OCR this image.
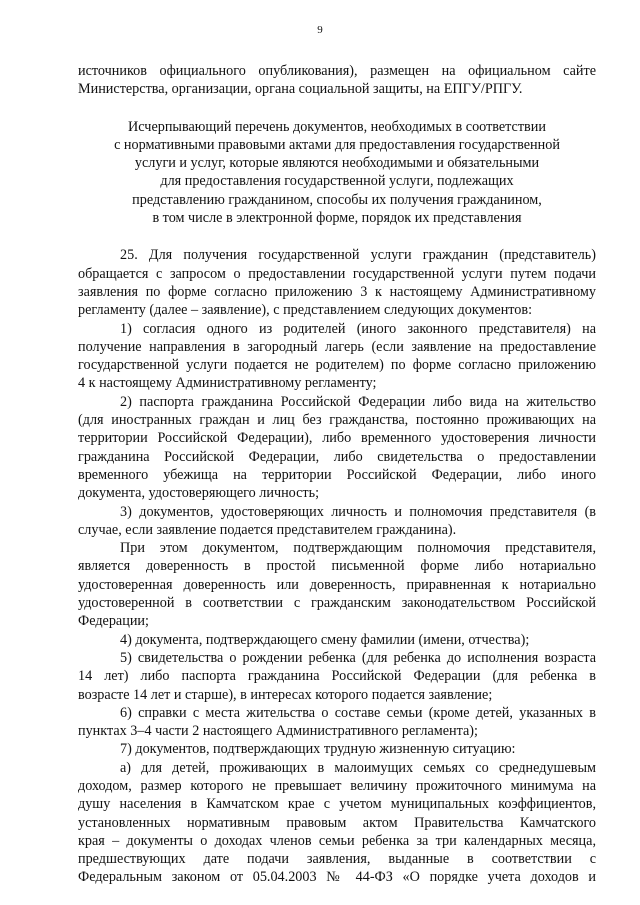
9
источников официального опубликования), размещен на официальном сайте
Министерства, организации, органа социальной защиты, на ЕПГУ/РПГУ.
Исчерпывающий перечень документов, необходимых в соответствии
с нормативными правовыми актами для предоставления государственной
услуги и услуг, которые являются необходимыми и обязательными
для предоставления государственной услуги, подлежащих
представлению гражданином, способы их получения гражданином,
в том числе в электронной форме, порядок их представления
25. Для получения государственной услуги гражданин (представитель)
обращается с запросом о предоставлении государственной услуги путем подачи
заявления по форме согласно приложению 3 к настоящему Административному
регламенту (далее – заявление), с представлением следующих документов:
1) согласия одного из родителей (иного законного представителя) на
получение направления в загородный лагерь (если заявление на предоставление
государственной услуги подается не родителем) по форме согласно приложению
4 к настоящему Административному регламенту;
2) паспорта гражданина Российской Федерации либо вида на жительство
(для иностранных граждан и лиц без гражданства, постоянно проживающих на
территории Российской Федерации), либо временного удостоверения личности
гражданина Российской Федерации, либо свидетельства о предоставлении
временного убежища на территории Российской Федерации, либо иного
документа, удостоверяющего личность;
3) документов, удостоверяющих личность и полномочия представителя (в
случае, если заявление подается представителем гражданина).
При этом документом, подтверждающим полномочия представителя,
является доверенность в простой письменной форме либо нотариально
удостоверенная доверенность или доверенность, приравненная к нотариально
удостоверенной в соответствии с гражданским законодательством Российской
Федерации;
4) документа, подтверждающего смену фамилии (имени, отчества);
5) свидетельства о рождении ребенка (для ребенка до исполнения возраста
14 лет) либо паспорта гражданина Российской Федерации (для ребенка в
возрасте 14 лет и старше), в интересах которого подается заявление;
6) справки с места жительства о составе семьи (кроме детей, указанных в
пунктах 3–4 части 2 настоящего Административного регламента);
7) документов, подтверждающих трудную жизненную ситуацию:
а) для детей, проживающих в малоимущих семьях со среднедушевым
доходом, размер которого не превышает величину прожиточного минимума на
душу населения в Камчатском крае с учетом муниципальных коэффициентов,
установленных нормативным правовым актом Правительства Камчатского
края – документы о доходах членов семьи ребенка за три календарных месяца,
предшествующих дате подачи заявления, выданные в соответствии с
Федеральным законом от 05.04.2003 № 44-ФЗ «О порядке учета доходов и
